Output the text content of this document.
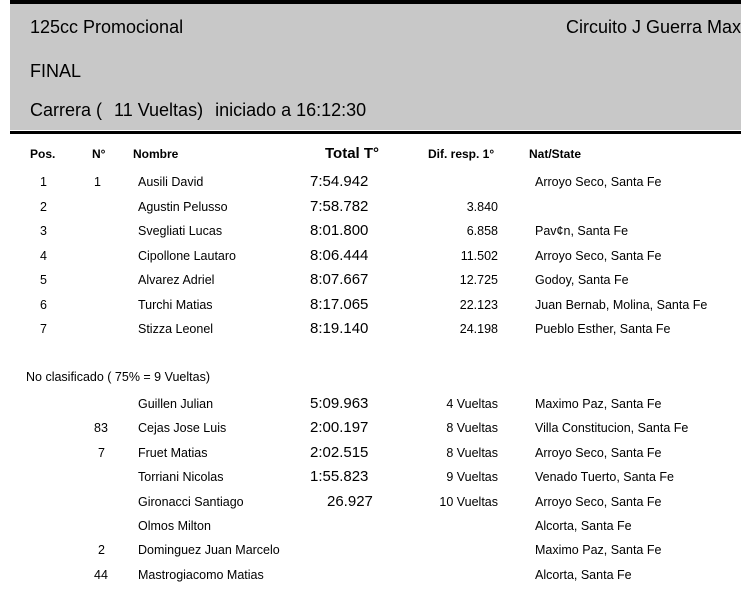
125cc Promocional	Circuito J Guerra Max
FINAL
Carrera ( 11 Vueltas) iniciado a 16:12:30
Pos.	N° Nombre	Total T°	Dif. resp. 1°	Nat/State
1	1	Ausili David	7:54.942	Arroyo Seco, Santa Fe
2	Agustin Pelusso	7:58.782	3.840
3	Svegliati Lucas	8:01.800	6.858	Pav¢n, Santa Fe
4	Cipollone Lautaro	8:06.444	11.502	Arroyo Seco, Santa Fe
5	Alvarez Adriel	8:07.667	12.725	Godoy, Santa Fe
6	Turchi Matias	8:17.065	22.123	Juan Bernab, Molina, Santa Fe
7	Stizza Leonel	8:19.140	24.198	Pueblo Esther, Santa Fe
No clasificado ( 75% = 9 Vueltas)
Guillen Julian	5:09.963	4 Vueltas	Maximo Paz, Santa Fe
83 Cejas Jose Luis	2:00.197	8 Vueltas	Villa Constitucion, Santa Fe
7	Fruet Matias	2:02.515	8 Vueltas	Arroyo Seco, Santa Fe
Torriani Nicolas	1:55.823	9 Vueltas	Venado Tuerto, Santa Fe
Gironacci Santiago	26.927	10 Vueltas	Arroyo Seco, Santa Fe
Olmos Milton	Alcorta, Santa Fe
2	Dominguez Juan Marcelo	Maximo Paz, Santa Fe
44 Mastrogiacomo Matias	Alcorta, Santa Fe
